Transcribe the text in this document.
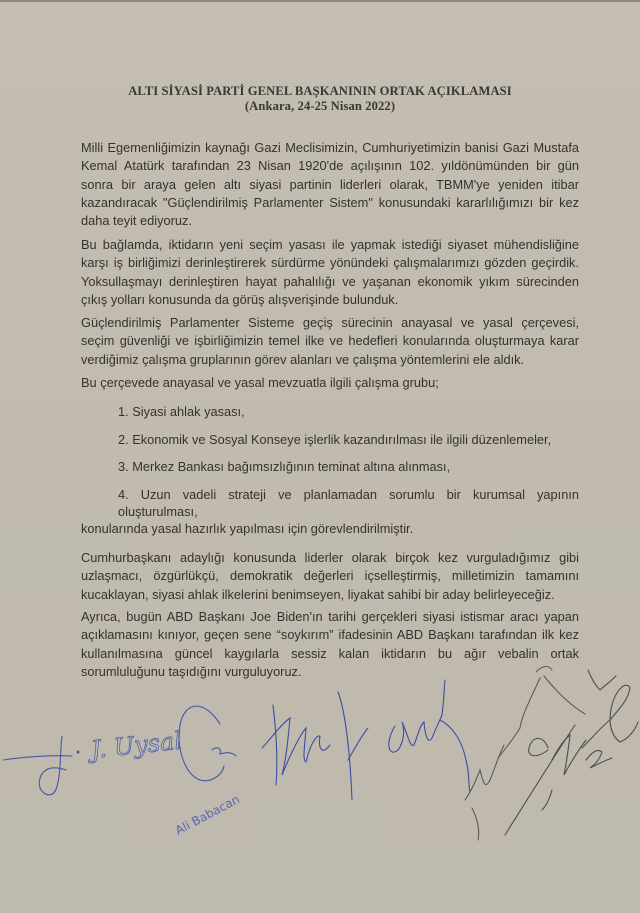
ALTI SİYASİ PARTİ GENEL BAŞKANININ ORTAK AÇIKLAMASI
(Ankara, 24-25 Nisan 2022)
Milli Egemenliğimizin kaynağı Gazi Meclisimizin, Cumhuriyetimizin banisi Gazi Mustafa
Kemal Atatürk tarafından 23 Nisan 1920'de açılışının 102. yıldönümünden bir gün
sonra bir araya gelen altı siyasi partinin liderleri olarak, TBMM'ye yeniden itibar
kazandıracak "Güçlendirilmiş Parlamenter Sistem" konusundaki kararlılığımızı bir kez
daha teyit ediyoruz.
Bu bağlamda, iktidarın yeni seçim yasası ile yapmak istediği siyaset mühendisliğine
karşı iş birliğimizi derinleştirerek sürdürme yönündeki çalışmalarımızı gözden geçirdik.
Yoksullaşmayı derinleştiren hayat pahalılığı ve yaşanan ekonomik yıkım sürecinden
çıkış yolları konusunda da görüş alışverişinde bulunduk.
Güçlendirilmiş Parlamenter Sisteme geçiş sürecinin anayasal ve yasal çerçevesi,
seçim güvenliği ve işbirliğimizin temel ilke ve hedefleri konularında oluşturmaya karar
verdiğimiz çalışma gruplarının görev alanları ve çalışma yöntemlerini ele aldık.
Bu çerçevede anayasal ve yasal mevzuatla ilgili çalışma grubu;
1. Siyasi ahlak yasası,
2. Ekonomik ve Sosyal Konseye işlerlik kazandırılması ile ilgili düzenlemeler,
3. Merkez Bankası bağımsızlığının teminat altına alınması,
4. Uzun vadeli strateji ve planlamadan sorumlu bir kurumsal yapının
oluşturulması,
konularında yasal hazırlık yapılması için görevlendirilmiştir.
Cumhurbaşkanı adaylığı konusunda liderler olarak birçok kez vurguladığımız gibi
uzlaşmacı, özgürlükçü, demokratik değerleri içselleştirmiş, milletimizin tamamını
kucaklayan, siyasi ahlak ilkelerini benimseyen, liyakat sahibi bir aday belirleyeceğiz.
Ayrıca, bugün ABD Başkanı Joe Biden'ın tarihi gerçekleri siyasi istismar aracı yapan
açıklamasını kınıyor, geçen sene “soykırım” ifadesinin ABD Başkanı tarafından ilk kez
kullanılmasına güncel kaygılarla sessiz kalan iktidarın bu ağır vebalin ortak
sorumluluğunu taşıdığını vurguluyoruz.
J. Uysal
Ali Babacan
